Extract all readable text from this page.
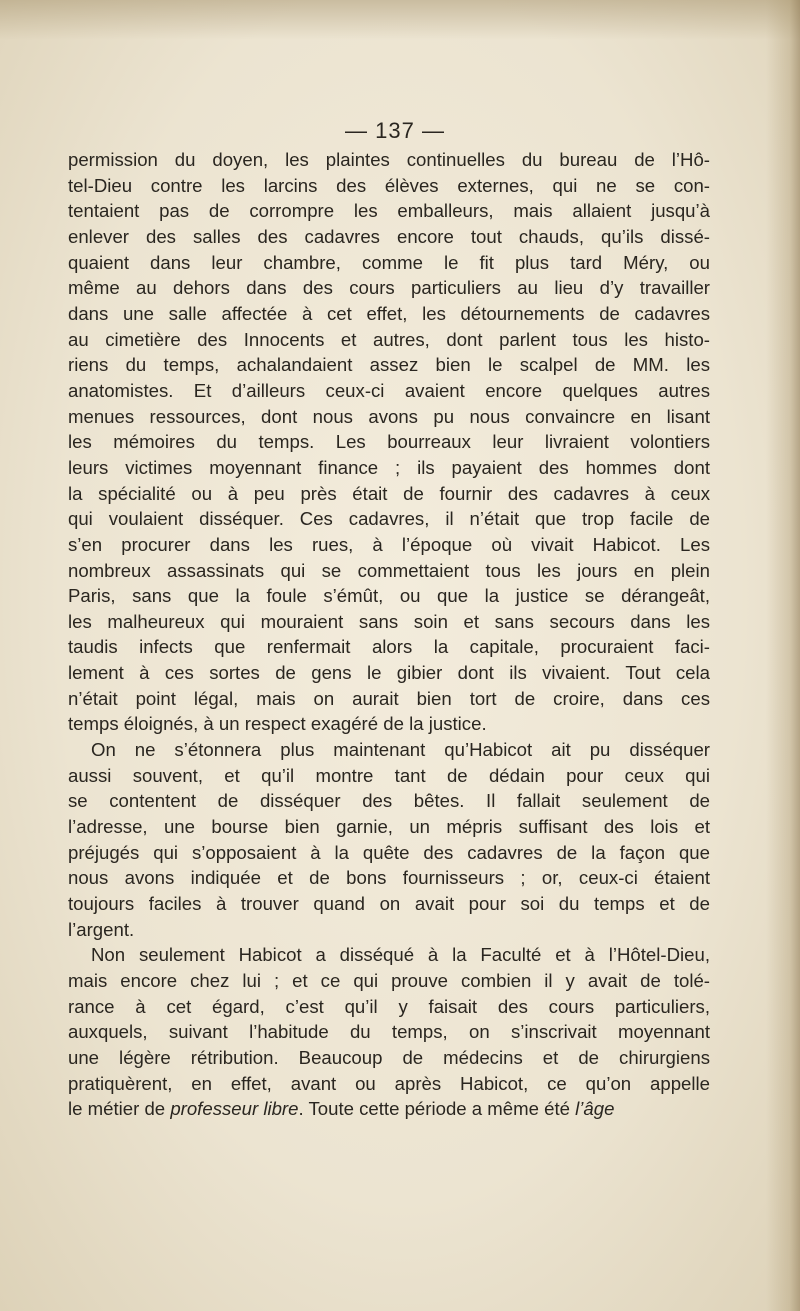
— 137 —
permission du doyen, les plaintes continuelles du bureau de l’Hô-
tel-Dieu contre les larcins des élèves externes, qui ne se con-
tentaient pas de corrompre les emballeurs, mais allaient jusqu’à
enlever des salles des cadavres encore tout chauds, qu’ils dissé-
quaient dans leur chambre, comme le fit plus tard Méry, ou
même au dehors dans des cours particuliers au lieu d’y travailler
dans une salle affectée à cet effet, les détournements de cadavres
au cimetière des Innocents et autres, dont parlent tous les histo-
riens du temps, achalandaient assez bien le scalpel de MM. les
anatomistes. Et d’ailleurs ceux-ci avaient encore quelques autres
menues ressources, dont nous avons pu nous convaincre en lisant
les mémoires du temps. Les bourreaux leur livraient volontiers
leurs victimes moyennant finance ; ils payaient des hommes dont
la spécialité ou à peu près était de fournir des cadavres à ceux
qui voulaient disséquer. Ces cadavres, il n’était que trop facile de
s’en procurer dans les rues, à l’époque où vivait Habicot. Les
nombreux assassinats qui se commettaient tous les jours en plein
Paris, sans que la foule s’émût, ou que la justice se dérangeât,
les malheureux qui mouraient sans soin et sans secours dans les
taudis infects que renfermait alors la capitale, procuraient faci-
lement à ces sortes de gens le gibier dont ils vivaient. Tout cela
n’était point légal, mais on aurait bien tort de croire, dans ces
temps éloignés, à un respect exagéré de la justice.
On ne s’étonnera plus maintenant qu’Habicot ait pu disséquer
aussi souvent, et qu’il montre tant de dédain pour ceux qui
se contentent de disséquer des bêtes. Il fallait seulement de
l’adresse, une bourse bien garnie, un mépris suffisant des lois et
préjugés qui s’opposaient à la quête des cadavres de la façon que
nous avons indiquée et de bons fournisseurs ; or, ceux-ci étaient
toujours faciles à trouver quand on avait pour soi du temps et de
l’argent.
Non seulement Habicot a disséqué à la Faculté et à l’Hôtel-Dieu,
mais encore chez lui ; et ce qui prouve combien il y avait de tolé-
rance à cet égard, c’est qu’il y faisait des cours particuliers,
auxquels, suivant l’habitude du temps, on s’inscrivait moyennant
une légère rétribution. Beaucoup de médecins et de chirurgiens
pratiquèrent, en effet, avant ou après Habicot, ce qu’on appelle
le métier de professeur libre. Toute cette période a même été l’âge
